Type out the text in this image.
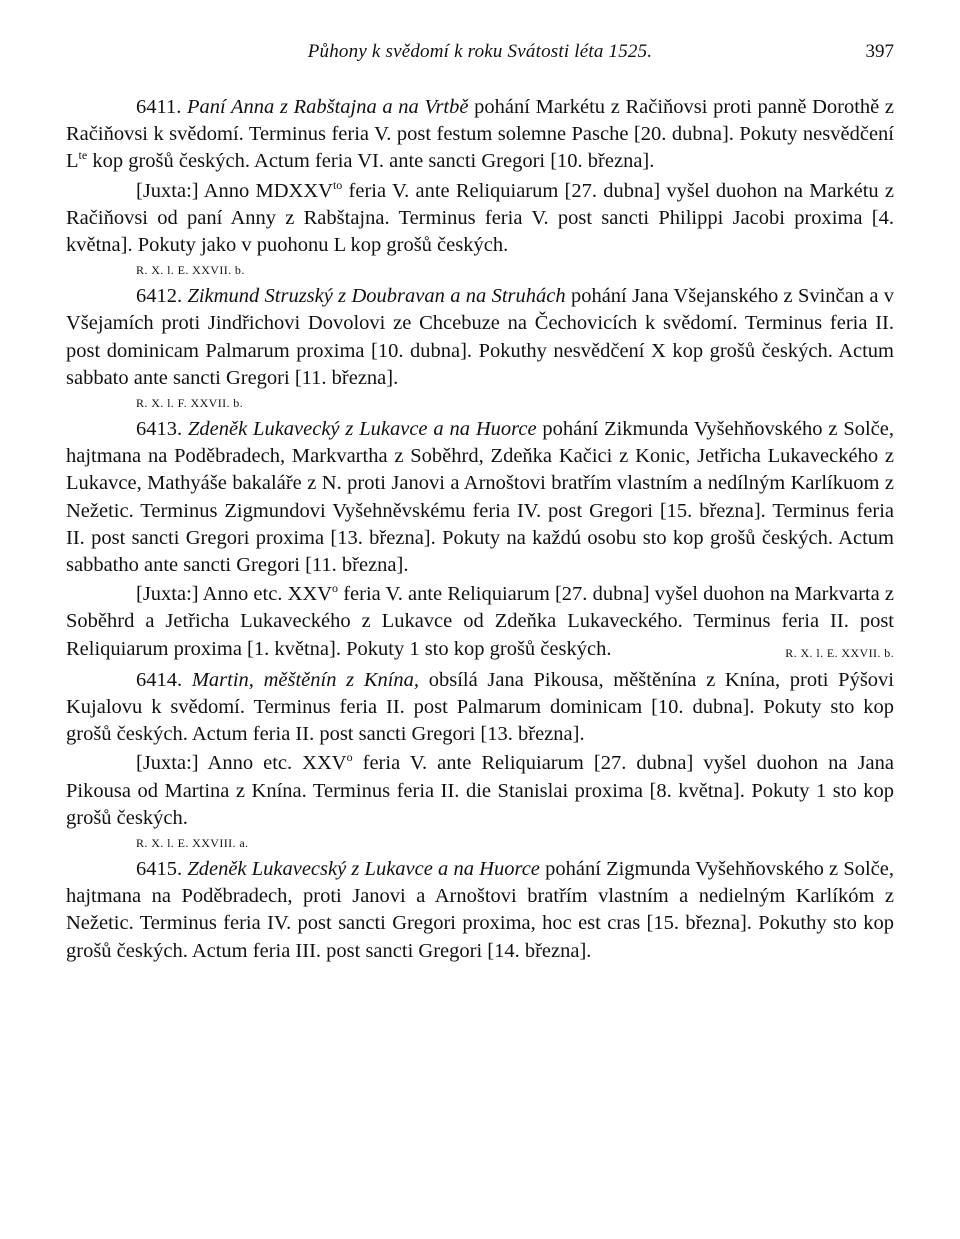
Půhony k svědomí k roku Svátosti léta 1525.	397

6411. Paní Anna z Rabštajna a na Vrtbě pohání Markétu z Račiňovsi proti panně Dorothě z Račiňovsi k svědomí. Terminus feria V. post festum solemne Pasche [20. dubna]. Pokuty nesvědčení $L^{te}$ kop grošů českých. Actum feria VI. ante sancti Gregori [10. března].

[Juxta:] Anno $MDXXV^{to}$ feria V. ante Reliquiarum [27. dubna] vyšel duohon na Markétu z Račiňovsi od paní Anny z Rabštajna. Terminus feria V. post sancti Philippi Jacobi proxima [4. května]. Pokuty jako v puohonu L kop grošů českých.

R. X. l. E. XXVII. b.

6412. Zikmund Struzský z Doubravan a na Struhách pohání Jana Všejanského z Svinčan a v Všejamích proti Jindřichovi Dovolovi ze Chcebuze na Čechovicích k svědomí. Terminus feria II. post dominicam Palmarum proxima [10. dubna]. Pokuthy nesvědčení X kop grošů českých. Actum sabbato ante sancti Gregori [11. března].

R. X. l. F. XXVII. b.

6413. Zdeněk Lukavecký z Lukavce a na Huorce pohání Zikmunda Vyšehňovského z Solče, hajtmana na Poděbradech, Markvartha z Soběhrd, Zdeňka Kačici z Konic, Jetřicha Lukaveckého z Lukavce, Mathyáše bakaláře z N. proti Janovi a Arnoštovi bratřím vlastním a nedílným Karlíkuom z Nežetic. Terminus Zigmundovi Vyšehněvskému feria IV. post Gregori [15. března]. Terminus feria II. post sancti Gregori proxima [13. března]. Pokuty na každú osobu sto kop grošů českých. Actum sabbatho ante sancti Gregori [11. března].

[Juxta:] Anno etc. XXV$^o$ feria V. ante Reliquiarum [27. dubna] vyšel duohon na Markvarta z Soběhrd a Jetřicha Lukaveckého z Lukavce od Zdeňka Lukaveckého. Terminus feria II. post Reliquiarum proxima [1. května]. Pokuty 1 sto kop grošů českých.	R. X. l. E. XXVII. b.

6414. Martin, měštěnín z Knína, obsílá Jana Pikousa, měštěnína z Knína, proti Pýšovi Kujalovu k svědomí. Terminus feria II. post Palmarum dominicam [10. dubna]. Pokuty sto kop grošů českých. Actum feria II. post sancti Gregori [13. března].

[Juxta:] Anno etc. XXV$^o$ feria V. ante Reliquiarum [27. dubna] vyšel duohon na Jana Pikousa od Martina z Knína. Terminus feria II. die Stanislai proxima [8. května]. Pokuty 1 sto kop grošů českých.

R. X. l. E. XXVIII. a.

6415. Zdeněk Lukavecský z Lukavce a na Huorce pohání Zigmunda Vyšehňovského z Solče, hajtmana na Poděbradech, proti Janovi a Arnoštovi bratřím vlastním a nedielným Karlíkóm z Nežetic. Terminus feria IV. post sancti Gregori proxima, hoc est cras [15. března]. Pokuthy sto kop grošů českých. Actum feria III. post sancti Gregori [14. března].
